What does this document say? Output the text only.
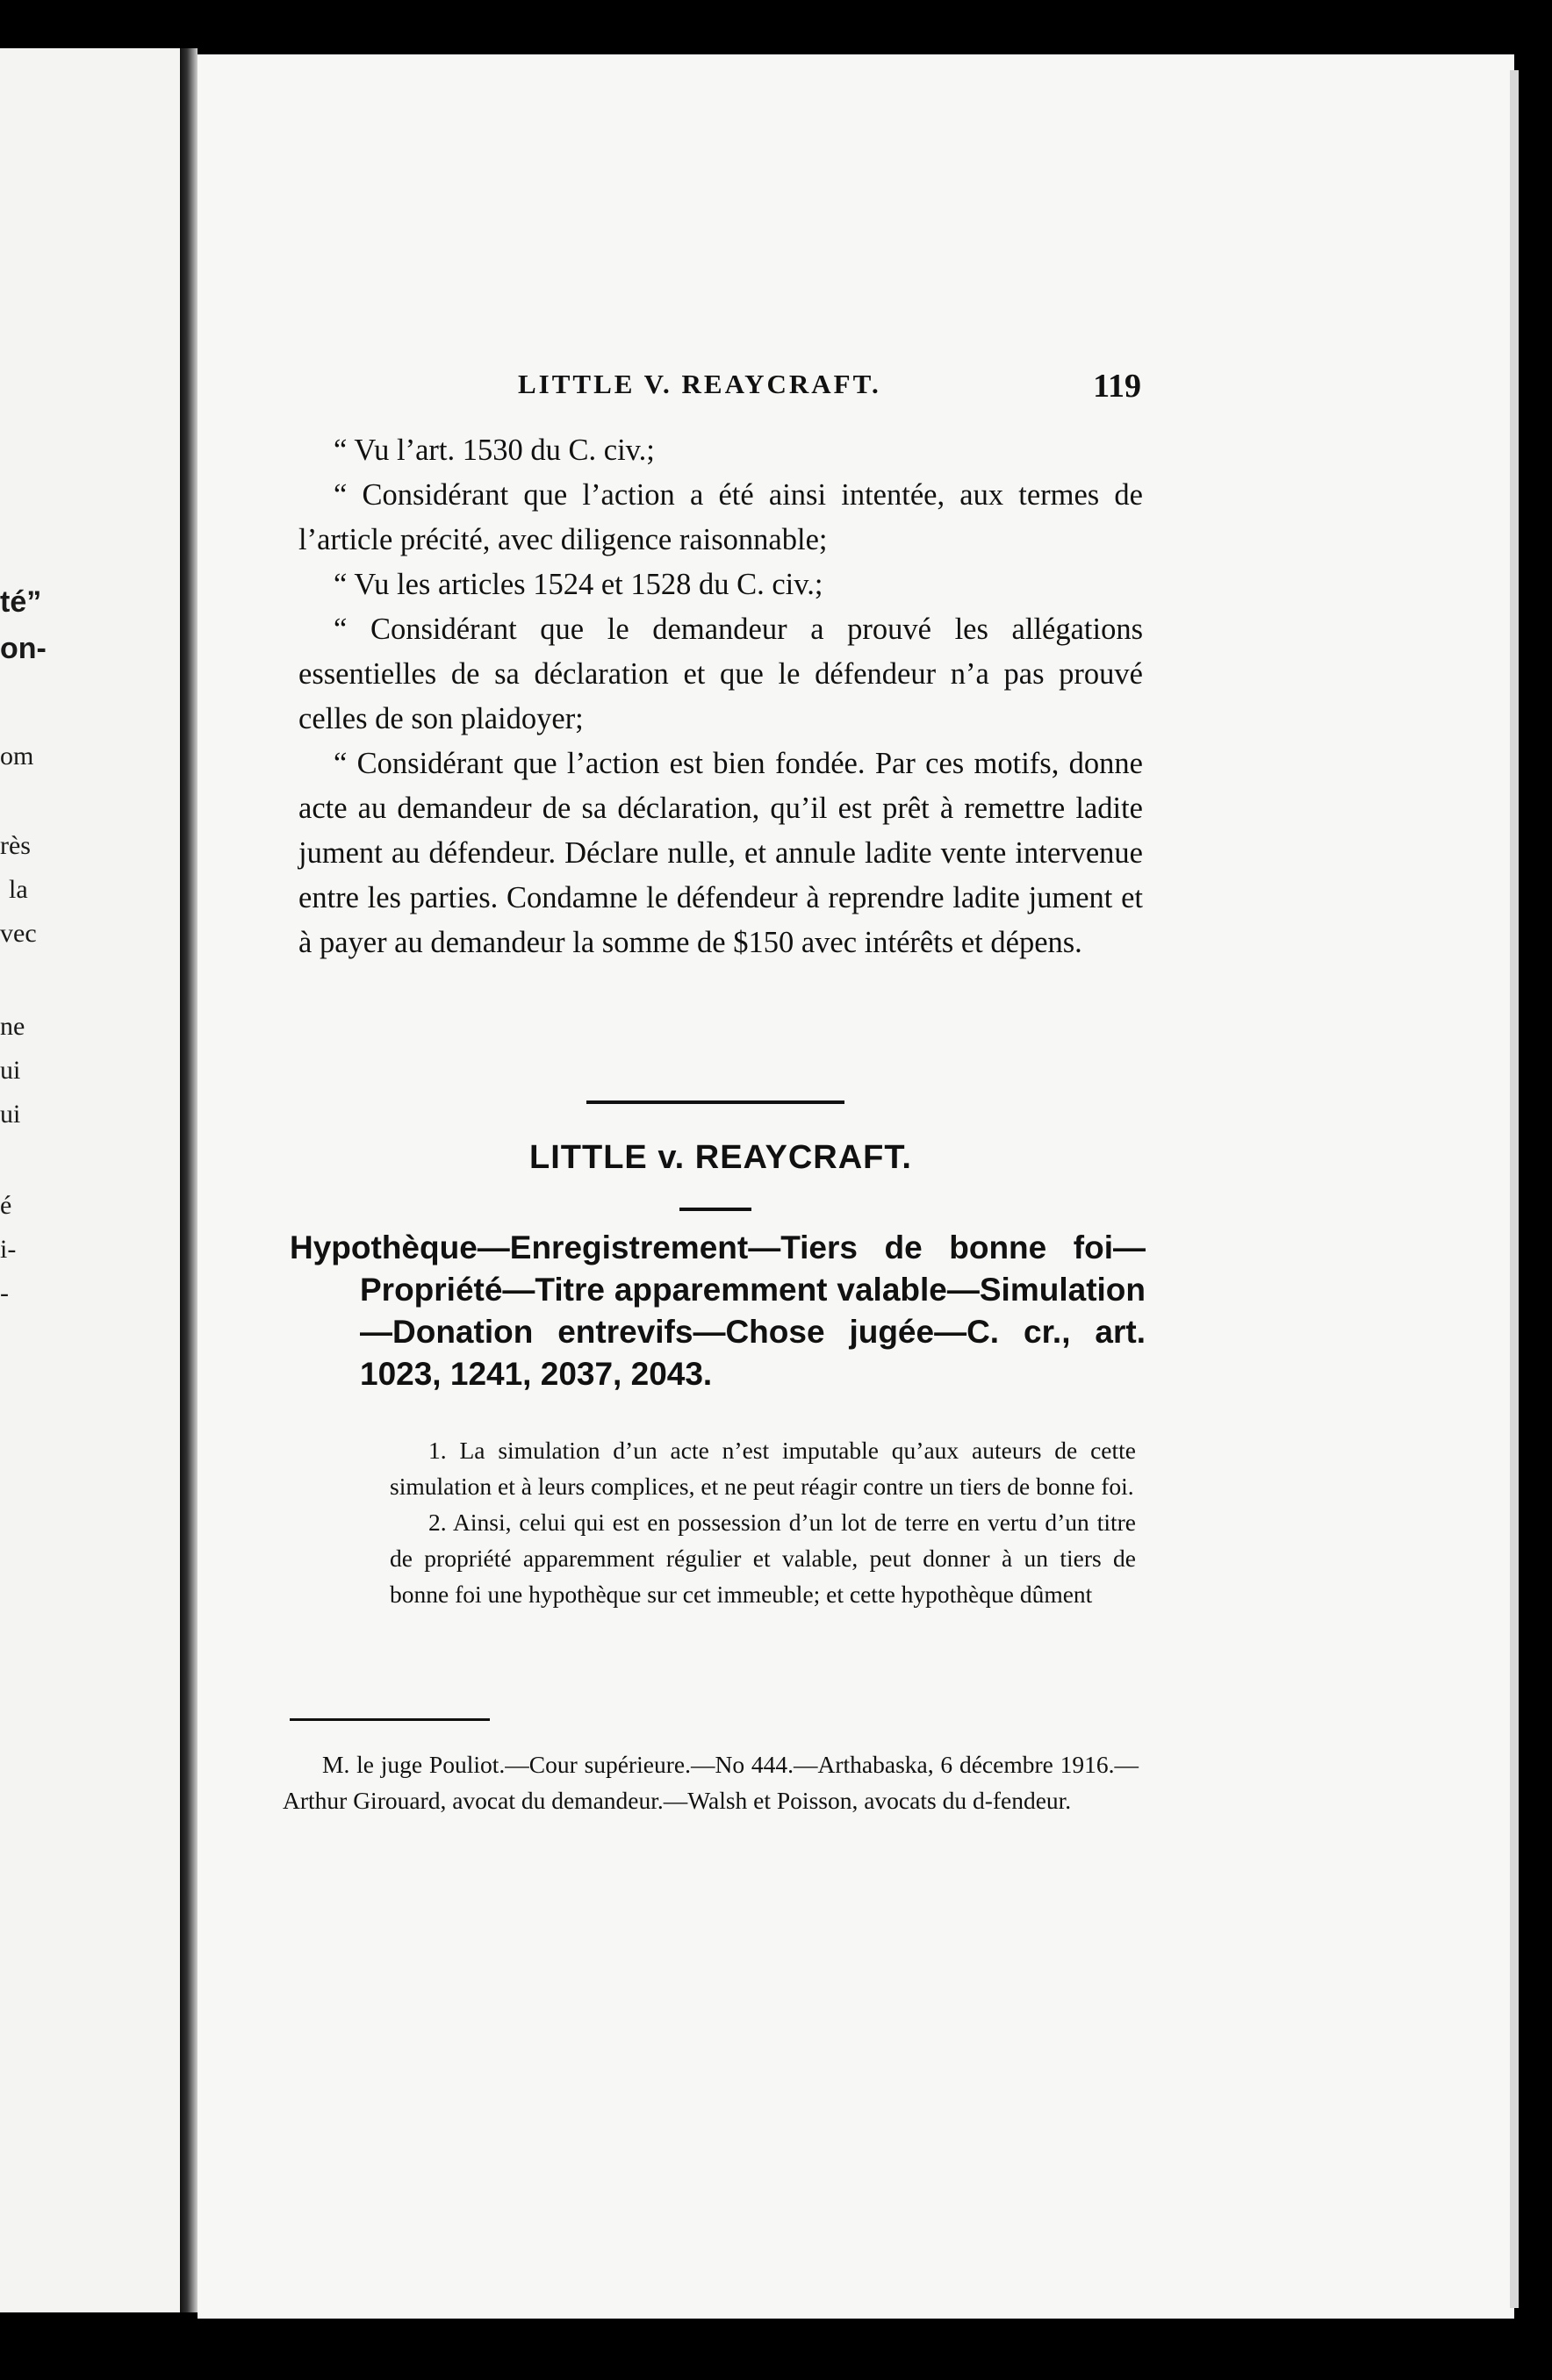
té”
on-
om
rès
la
vec
ne
ui
ui
é
i-
-
LITTLE V. REAYCRAFT.	119

“ Vu l’art. 1530 du C. civ.;

“ Considérant que l’action a été ainsi intentée, aux termes de l’article précité, avec diligence raisonnable;

“ Vu les articles 1524 et 1528 du C. civ.;

“ Considérant que le demandeur a prouvé les allégations essentielles de sa déclaration et que le défendeur n’a pas prouvé celles de son plaidoyer;

“ Considérant que l’action est bien fondée. Par ces motifs, donne acte au demandeur de sa déclaration, qu’il est prêt à remettre ladite jument au défendeur. Déclare nulle, et annule ladite vente intervenue entre les parties. Condamne le défendeur à reprendre ladite jument et à payer au demandeur la somme de $150 avec intérêts et dépens.

LITTLE v. REAYCRAFT.
Hypothèque—Enregistrement—Tiers de bonne foi—Propriété—Titre apparemment valable—Simulation—Donation entrevifs—Chose jugée—C. cr., art. 1023, 1241, 2037, 2043.

1. La simulation d’un acte n’est imputable qu’aux auteurs de cette simulation et à leurs complices, et ne peut réagir contre un tiers de bonne foi.

2. Ainsi, celui qui est en possession d’un lot de terre en vertu d’un titre de propriété apparemment régulier et valable, peut donner à un tiers de bonne foi une hypothèque sur cet immeuble; et cette hypothèque dûment

M. le juge Pouliot.—Cour supérieure.—No 444.—Arthabaska, 6 décembre 1916.—Arthur Girouard, avocat du demandeur.—Walsh et Poisson, avocats du d-fendeur.
